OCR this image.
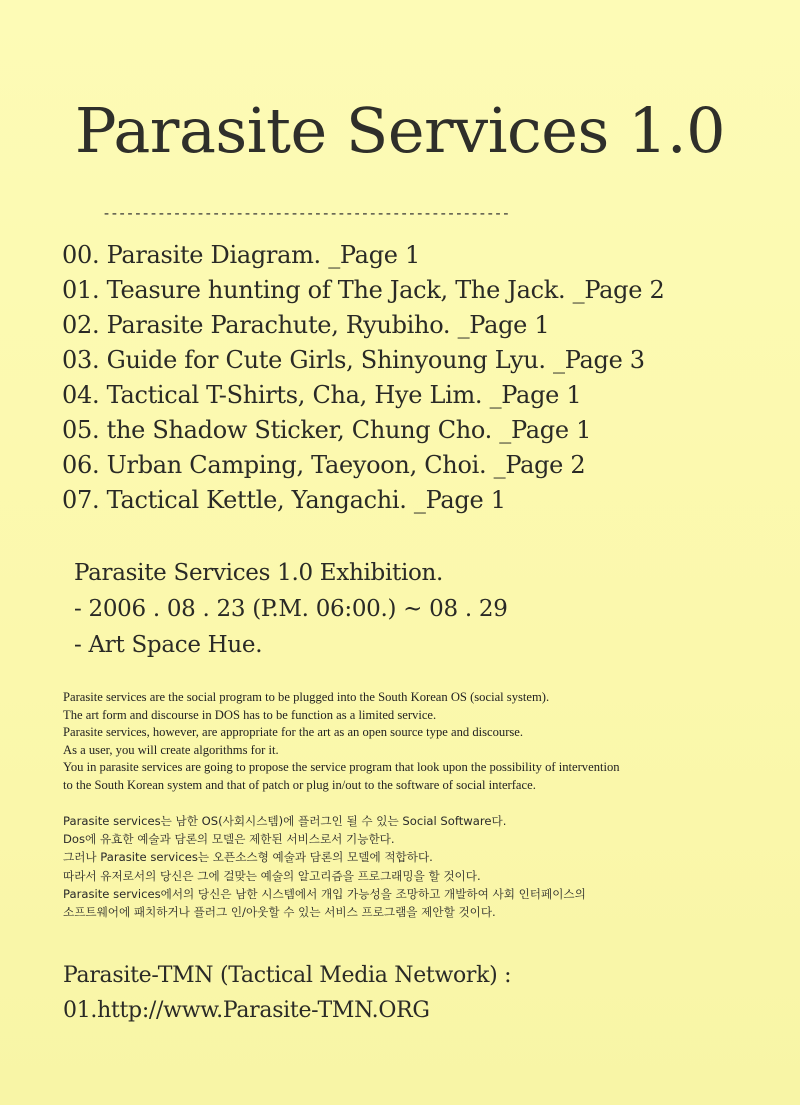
Parasite Services 1.0
----------------------------------------------------
00. Parasite Diagram. _Page 1
01. Teasure hunting of The Jack, The Jack. _Page 2
02. Parasite Parachute, Ryubiho. _Page 1
03. Guide for Cute Girls, Shinyoung Lyu. _Page 3
04. Tactical T-Shirts, Cha, Hye Lim. _Page 1
05. the Shadow Sticker, Chung Cho. _Page 1
06. Urban Camping, Taeyoon, Choi. _Page 2
07. Tactical Kettle, Yangachi. _Page 1
Parasite Services 1.0 Exhibition.
- 2006 . 08 . 23 (P.M. 06:00.) ~ 08 . 29
- Art Space Hue.
Parasite services are the social program to be plugged into the South Korean OS (social system).
The art form and discourse in DOS has to be function as a limited service.
Parasite services, however, are appropriate for the art as an open source type and discourse.
As a user, you will create algorithms for it.
You in parasite services are going to propose the service program that look upon the possibility of intervention
to the South Korean system and that of patch or plug in/out to the software of social interface.
Parasite services는 남한 OS(사회시스템)에 플러그인 될 수 있는 Social Software다.
Dos에 유효한 예술과 담론의 모델은 제한된 서비스로서 기능한다.
그러나 Parasite services는 오픈소스형 예술과 담론의 모델에 적합하다.
따라서 유저로서의 당신은 그에 걸맞는 예술의 알고리즘을 프로그래밍을 할 것이다.
Parasite services에서의 당신은 남한 시스템에서 개입 가능성을 조망하고 개발하여 사회 인터페이스의
소프트웨어에 패치하거나 플러그 인/아웃할 수 있는 서비스 프로그램을 제안할 것이다.
Parasite-TMN (Tactical Media Network) :
01.http://www.Parasite-TMN.ORG
